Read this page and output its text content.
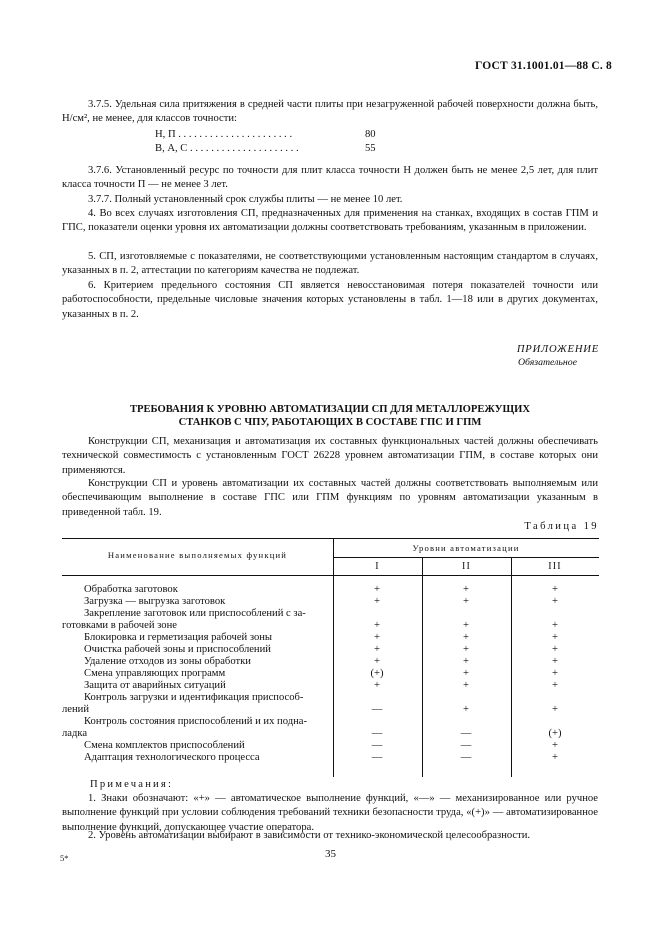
ГОСТ 31.1001.01—88 С. 8
3.7.5. Удельная сила притяжения в средней части плиты при незагруженной рабочей поверхности должна быть, Н/см², не менее, для классов точности:
Н, П . . . . . . . . . . . . . . . . . . . . . .	80
В, А, С . . . . . . . . . . . . . . . . . . . . .	55
3.7.6. Установленный ресурс по точности для плит класса точности Н должен быть не менее 2,5 лет, для плит класса точности П — не менее 3 лет.
3.7.7. Полный установленный срок службы плиты — не менее 10 лет.
4. Во всех случаях изготовления СП, предназначенных для применения на станках, входящих в состав ГПМ и ГПС, показатели оценки уровня их автоматизации должны соответствовать требованиям, указанным в приложении.
5. СП, изготовляемые с показателями, не соответствующими установленным настоящим стандартом в случаях, указанных в п. 2, аттестации по категориям качества не подлежат.
6. Критерием предельного состояния СП является невосстановимая потеря показателей точности или работоспособности, предельные числовые значения которых установлены в табл. 1—18 или в других документах, указанных в п. 2.
ПРИЛОЖЕНИЕ
Обязательное
ТРЕБОВАНИЯ К УРОВНЮ АВТОМАТИЗАЦИИ СП ДЛЯ МЕТАЛЛОРЕЖУЩИХ
СТАНКОВ С ЧПУ, РАБОТАЮЩИХ В СОСТАВЕ ГПС И ГПМ
Конструкции СП, механизация и автоматизация их составных функциональных частей должны обеспечивать технической совместимость с установленным ГОСТ 26228 уровнем автоматизации ГПМ, в составе которых они применяются.
Конструкции СП и уровень автоматизации их составных частей должны соответствовать выполняемым или обеспечивающим выполнение в составе ГПС или ГПМ функциям по уровням автоматизации указанным в приведенной табл. 19.
Таблица 19
Наименование выполняемых функций
Уровни автоматизации
I	II	III
Обработка заготовок	+	+	+
Загрузка — выгрузка заготовок	+	+	+
Закрепление заготовок или приспособлений с за-
готовками в рабочей зоне	+	+	+
Блокировка и герметизация рабочей зоны	+	+	+
Очистка рабочей зоны и приспособлений	+	+	+
Удаление отходов из зоны обработки	+	+	+
Смена управляющих программ	(+)	+	+
Защита от аварийных ситуаций	+	+	+
Контроль загрузки и идентификация приспособ-
лений	—	+	+
Контроль состояния приспособлений и их подна-
ладка	—	—	(+)
Смена комплектов приспособлений	—	—	+
Адаптация технологического процесса	—	—	+
Примечания:
1. Знаки обозначают: «+» — автоматическое выполнение функций, «—» — механизированное или ручное выполнение функций при условии соблюдения требований техники безопасности труда, «(+)» — автоматизированное выполнение функций, допускающее участие оператора.
2. Уровень автоматизации выбирают в зависимости от технико-экономической целесообразности.
35
5*
